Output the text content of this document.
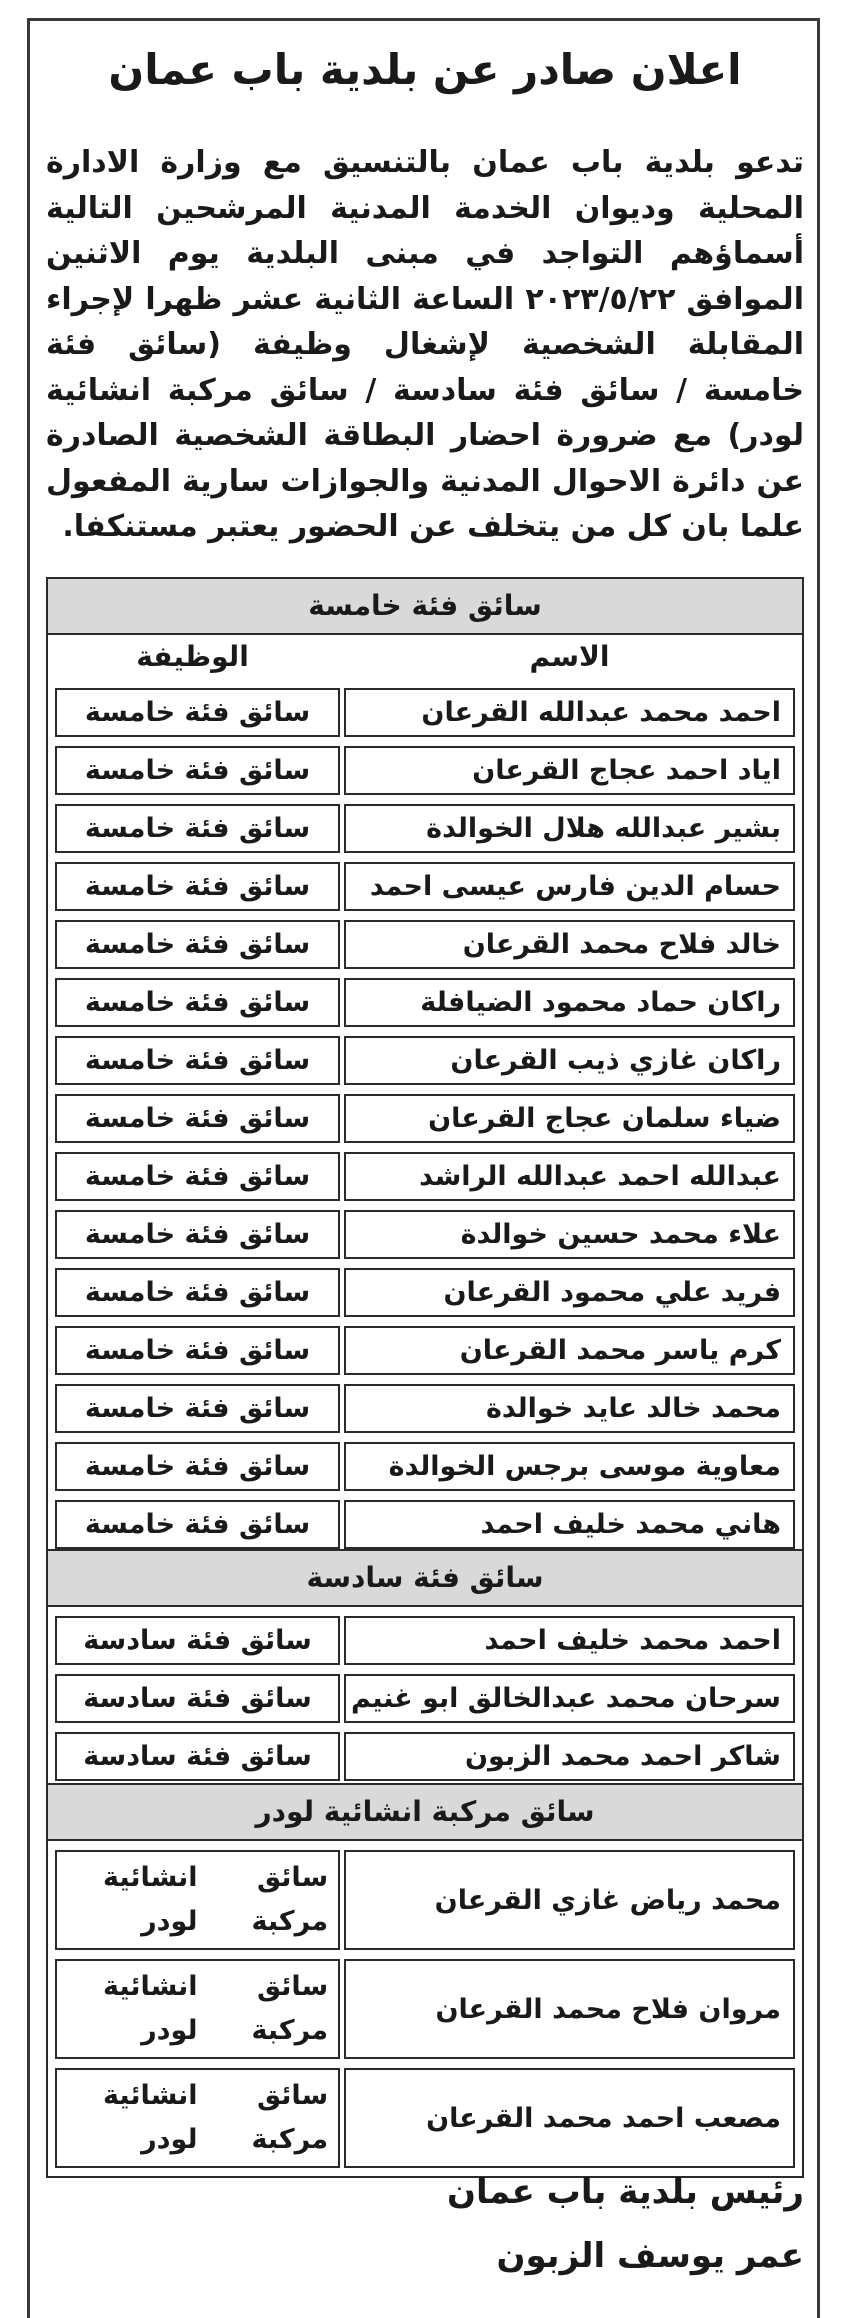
اعلان صادر عن بلدية باب عمان

تدعو بلدية باب عمان بالتنسيق مع وزارة الادارة المحلية وديوان الخدمة المدنية المرشحين التالية أسماؤهم التواجد في مبنى البلدية يوم الاثنين الموافق ٢٠٢٣/٥/٢٢ الساعة الثانية عشر ظهرا لإجراء المقابلة الشخصية لإشغال وظيفة (سائق فئة خامسة / سائق فئة سادسة / سائق مركبة انشائية لودر) مع ضرورة احضار البطاقة الشخصية الصادرة عن دائرة الاحوال المدنية والجوازات سارية المفعول علما بان كل من يتخلف عن الحضور يعتبر مستنكفا.

سائق فئة خامسة
الاسم
الوظيفة
احمد محمد عبدالله القرعان
سائق فئة خامسة
اياد احمد عجاج القرعان
سائق فئة خامسة
بشير عبدالله هلال الخوالدة
سائق فئة خامسة
حسام الدين فارس عيسى احمد
سائق فئة خامسة
خالد فلاح محمد القرعان
سائق فئة خامسة
راكان حماد محمود الضيافلة
سائق فئة خامسة
راكان غازي ذيب القرعان
سائق فئة خامسة
ضياء سلمان عجاج القرعان
سائق فئة خامسة
عبدالله احمد عبدالله الراشد
سائق فئة خامسة
علاء محمد حسين خوالدة
سائق فئة خامسة
فريد علي محمود القرعان
سائق فئة خامسة
كرم ياسر محمد القرعان
سائق فئة خامسة
محمد خالد عايد خوالدة
سائق فئة خامسة
معاوية موسى برجس الخوالدة
سائق فئة خامسة
هاني محمد خليف احمد
سائق فئة خامسة
سائق فئة سادسة
احمد محمد خليف احمد
سائق فئة سادسة
سرحان محمد عبدالخالق ابو غنيم
سائق فئة سادسة
شاكر احمد محمد الزبون
سائق فئة سادسة
سائق مركبة انشائية لودر
محمد رياض غازي القرعان
سائق مركبة
انشائية لودر
مروان فلاح محمد القرعان
سائق مركبة
انشائية لودر
مصعب احمد محمد القرعان
سائق مركبة
انشائية لودر

رئيس بلدية باب عمان

عمر يوسف الزبون
